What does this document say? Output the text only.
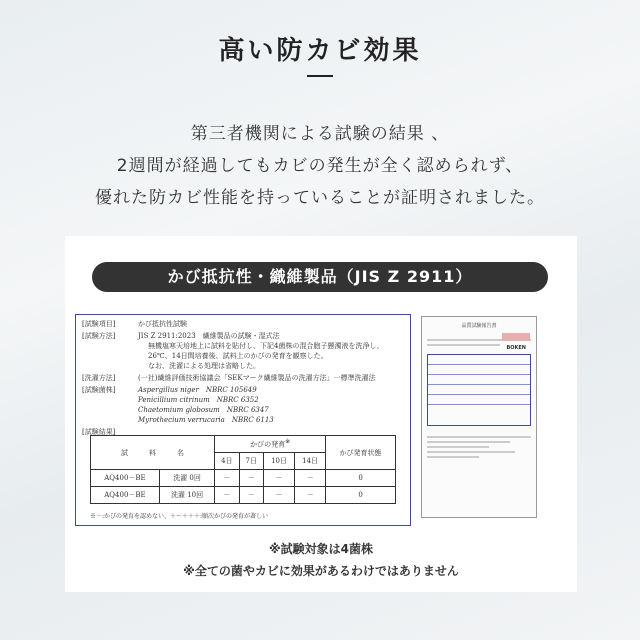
高い防カビ効果
第三者機関による試験の結果 、
2週間が経過してもカビの発生が全く認められず、
優れた防カビ性能を持っていることが証明されました。
かび抵抗性・織維製品（JIS Z 2911）
[試験項目]	かび抵抗性試験
[試験方法]	JIS Z 2911:2023　繊維製品の試験・湿式法
無機塩寒天培地上に試料を貼付し、下記4菌株の混合胞子懸濁液を洗浄し、
26℃、14日間培養後、試料上のかびの発育を観察した。
なお、洗濯による処理は省略した。
[洗濯方法]	(一社)繊維評価技術協議会「SEKマーク繊維製品の洗濯方法」一標準洗濯法
[試験菌株]	Aspergillus niger　NBRC 105649
Penicillium citrinum　NBRC 6352
Chaetomium globosum　NBRC 6347
Myrothecium verrucaria　NBRC 6113
[試験結果]
試　　　料　　　名		かびの発育※				かび発育状態
		4日	7日	10日	14日	
AQ400－BE	洗濯 0回	－	－	－	－	0
AQ400－BE	洗濯 10回	－	－	－	－	0
※－:かびの発育を認めない、＋～＋＋＋:順次かびの発育が著しい
品質試験報告書
BOKEN
※試験対象は4菌株
※全ての菌やカビに効果があるわけではありません
